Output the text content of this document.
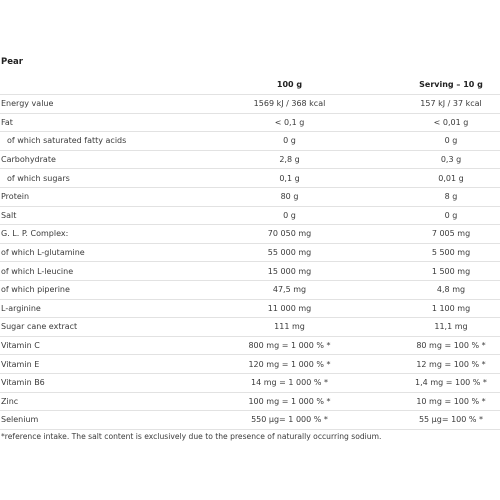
Pear
	100 g	Serving – 10 g
Energy value	1569 kJ / 368 kcal	157 kJ / 37 kcal
Fat	< 0,1 g	< 0,01 g
of which saturated fatty acids	0 g	0 g
Carbohydrate	2,8 g	0,3 g
of which sugars	0,1 g	0,01 g
Protein	80 g	8 g
Salt	0 g	0 g
G. L. P. Complex:	70 050 mg	7 005 mg
of which L-glutamine	55 000 mg	5 500 mg
of which L-leucine	15 000 mg	1 500 mg
of which piperine	47,5 mg	4,8 mg
L-arginine	11 000 mg	1 100 mg
Sugar cane extract	111 mg	11,1 mg
Vitamin C	800 mg = 1 000 % *	80 mg = 100 % *
Vitamin E	120 mg = 1 000 % *	12 mg = 100 % *
Vitamin B6	14 mg = 1 000 % *	1,4 mg = 100 % *
Zinc	100 mg = 1 000 % *	10 mg = 100 % *
Selenium	550 µg= 1 000 % *	55 µg= 100 % *
*reference intake. The salt content is exclusively due to the presence of naturally occurring sodium.
